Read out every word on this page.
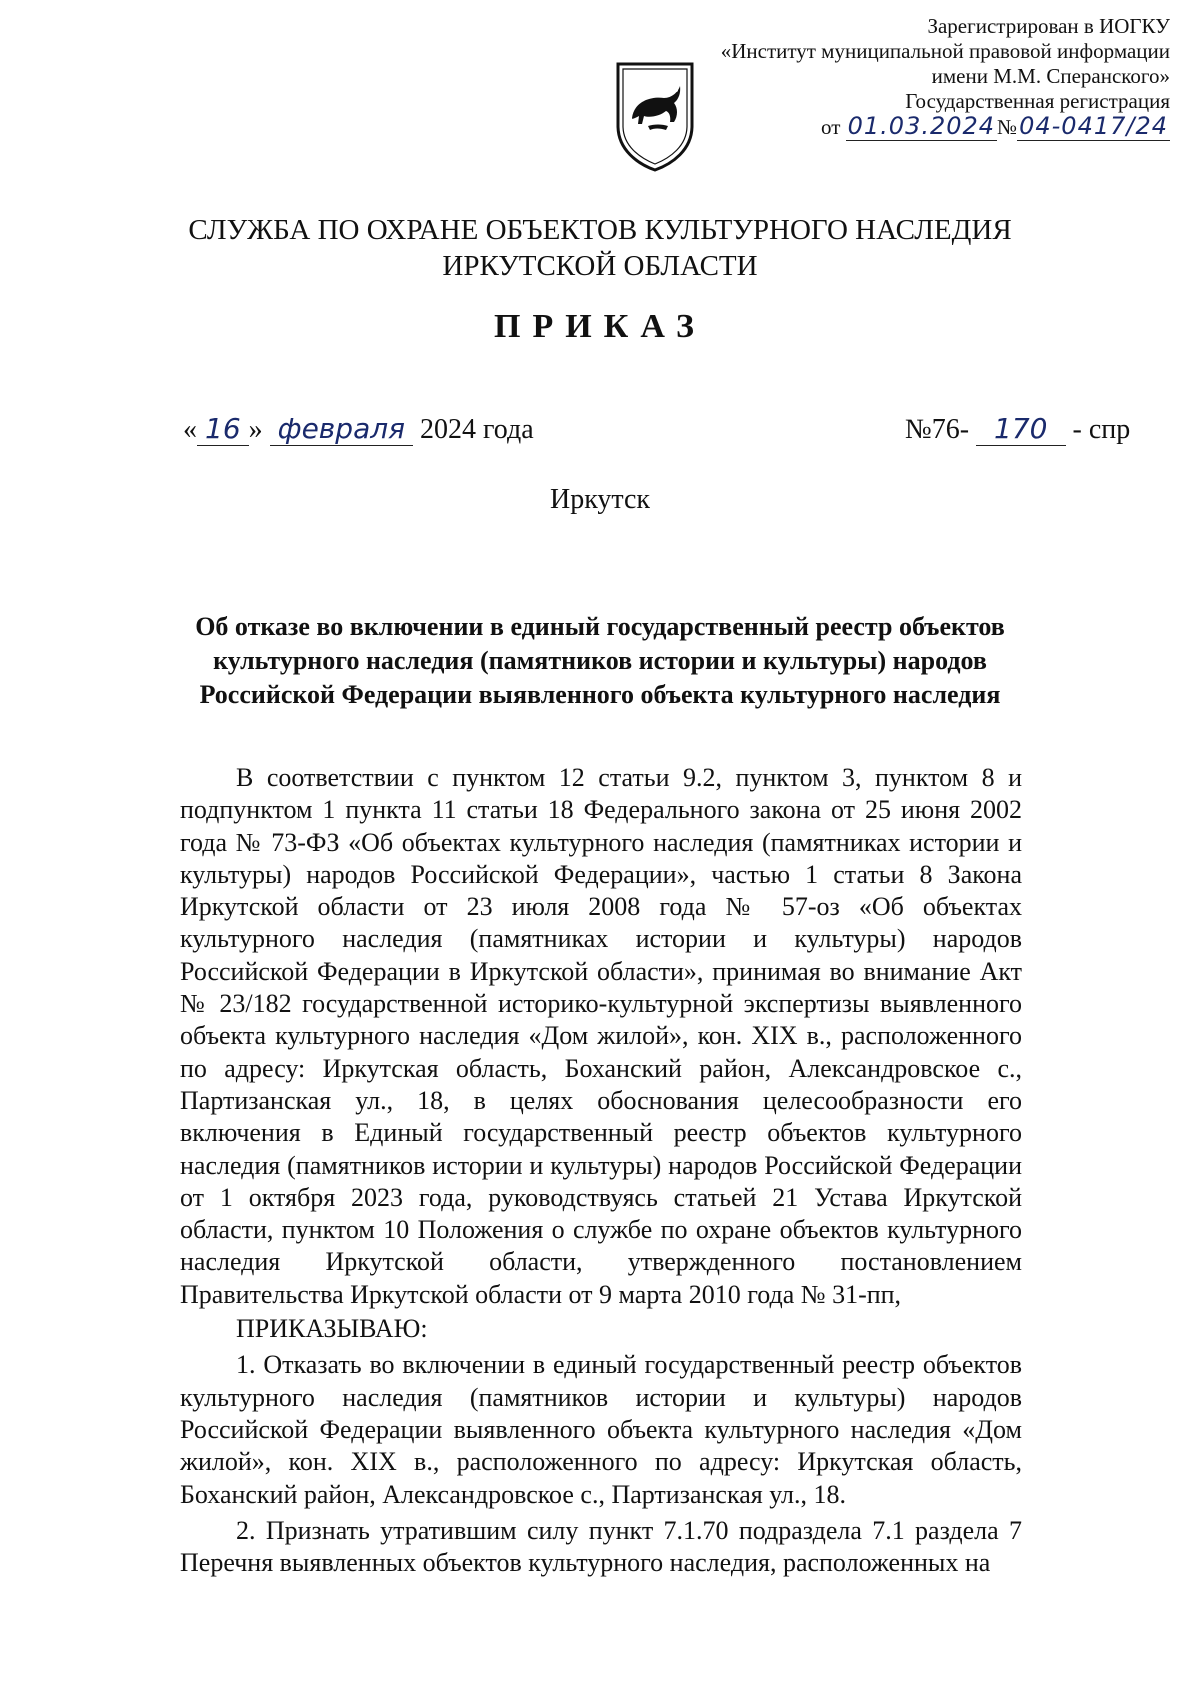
Зарегистрирован в ИОГКУ
«Институт муниципальной правовой информации
имени М.М. Сперанского»
Государственная регистрация
от 01.03.2024№04-0417/24
СЛУЖБА ПО ОХРАНЕ ОБЪЕКТОВ КУЛЬТУРНОГО НАСЛЕДИЯ
ИРКУТСКОЙ ОБЛАСТИ
ПРИКАЗ
« 16 » февраля 2024 года	№76- 170 - спр
Иркутск
Об отказе во включении в единый государственный реестр объектов культурного наследия (памятников истории и культуры) народов Российской Федерации выявленного объекта культурного наследия

В соответствии с пунктом 12 статьи 9.2, пунктом 3, пунктом 8 и подпунктом 1 пункта 11 статьи 18 Федерального закона от 25 июня 2002 года № 73-ФЗ «Об объектах культурного наследия (памятниках истории и культуры) народов Российской Федерации», частью 1 статьи 8 Закона Иркутской области от 23 июля 2008 года № 57-оз «Об объектах культурного наследия (памятниках истории и культуры) народов Российской Федерации в Иркутской области», принимая во внимание Акт № 23/182 государственной историко-культурной экспертизы выявленного объекта культурного наследия «Дом жилой», кон. XIX в., расположенного по адресу: Иркутская область, Боханский район, Александровское с., Партизанская ул., 18, в целях обоснования целесообразности его включения в Единый государственный реестр объектов культурного наследия (памятников истории и культуры) народов Российской Федерации от 1 октября 2023 года, руководствуясь статьей 21 Устава Иркутской области, пунктом 10 Положения о службе по охране объектов культурного наследия Иркутской области, утвержденного постановлением Правительства Иркутской области от 9 марта 2010 года № 31-пп,

ПРИКАЗЫВАЮ:

1. Отказать во включении в единый государственный реестр объектов культурного наследия (памятников истории и культуры) народов Российской Федерации выявленного объекта культурного наследия «Дом жилой», кон. XIX в., расположенного по адресу: Иркутская область, Боханский район, Александровское с., Партизанская ул., 18.

2. Признать утратившим силу пункт 7.1.70 подраздела 7.1 раздела 7 Перечня выявленных объектов культурного наследия, расположенных на
